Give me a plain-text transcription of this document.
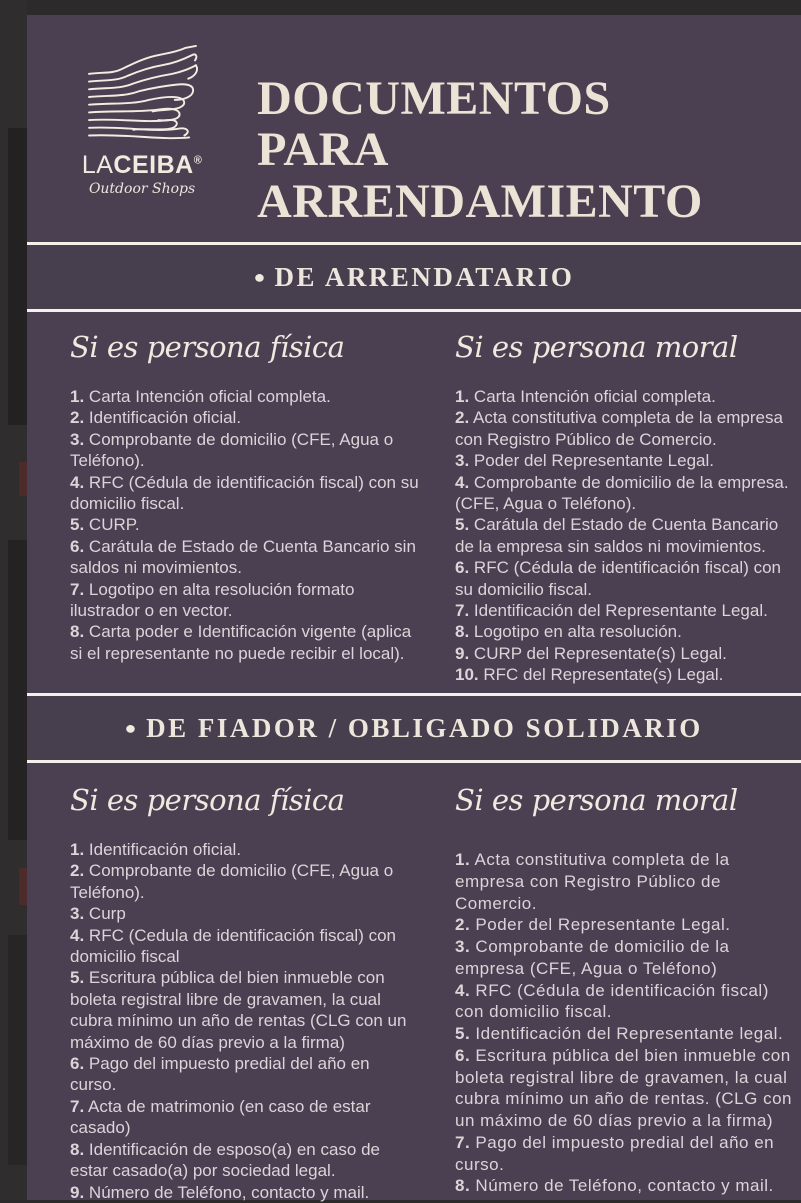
LACEIBA®
Outdoor Shops
DOCUMENTOS
PARA ARRENDAMIENTO
● DE ARRENDATARIO
Si es persona física
1. Carta Intención oficial completa.
2. Identificación oficial.
3. Comprobante de domicilio (CFE, Agua o Teléfono).
4. RFC (Cédula de identificación fiscal) con su domicilio fiscal.
5. CURP.
6. Carátula de Estado de Cuenta Bancario sin saldos ni movimientos.
7. Logotipo en alta resolución formato ilustrador o en vector.
8. Carta poder e Identificación vigente (aplica si el representante no puede recibir el local).
Si es persona moral
1. Carta Intención oficial completa.
2. Acta constitutiva completa de la empresa con Registro Público de Comercio.
3. Poder del Representante Legal.
4. Comprobante de domicilio de la empresa. (CFE, Agua o Teléfono).
5. Carátula del Estado de Cuenta Bancario de la empresa sin saldos ni movimientos.
6. RFC (Cédula de identificación fiscal) con su domicilio fiscal.
7. Identificación del Representante Legal.
8. Logotipo en alta resolución.
9. CURP del Representate(s) Legal.
10. RFC del Representate(s) Legal.
● DE FIADOR / OBLIGADO SOLIDARIO
Si es persona física
1. Identificación oficial.
2. Comprobante de domicilio (CFE, Agua o Teléfono).
3. Curp
4. RFC (Cedula de identificación fiscal) con domicilio fiscal
5. Escritura pública del bien inmueble con boleta registral libre de gravamen, la cual cubra mínimo un año de rentas (CLG con un máximo de 60 días previo a la firma)
6. Pago del impuesto predial del año en curso.
7. Acta de matrimonio (en caso de estar casado)
8. Identificación de esposo(a) en caso de estar casado(a) por sociedad legal.
9. Número de Teléfono, contacto y mail.
Si es persona moral
1. Acta constitutiva completa de la empresa con Registro Público de Comercio.
2. Poder del Representante Legal.
3. Comprobante de domicilio de la empresa (CFE, Agua o Teléfono)
4. RFC (Cédula de identificación fiscal) con domicilio fiscal.
5. Identificación del Representante legal.
6. Escritura pública del bien inmueble con boleta registral libre de gravamen, la cual cubra mínimo un año de rentas. (CLG con un máximo de 60 días previo a la firma)
7. Pago del impuesto predial del año en curso.
8. Número de Teléfono, contacto y mail.
